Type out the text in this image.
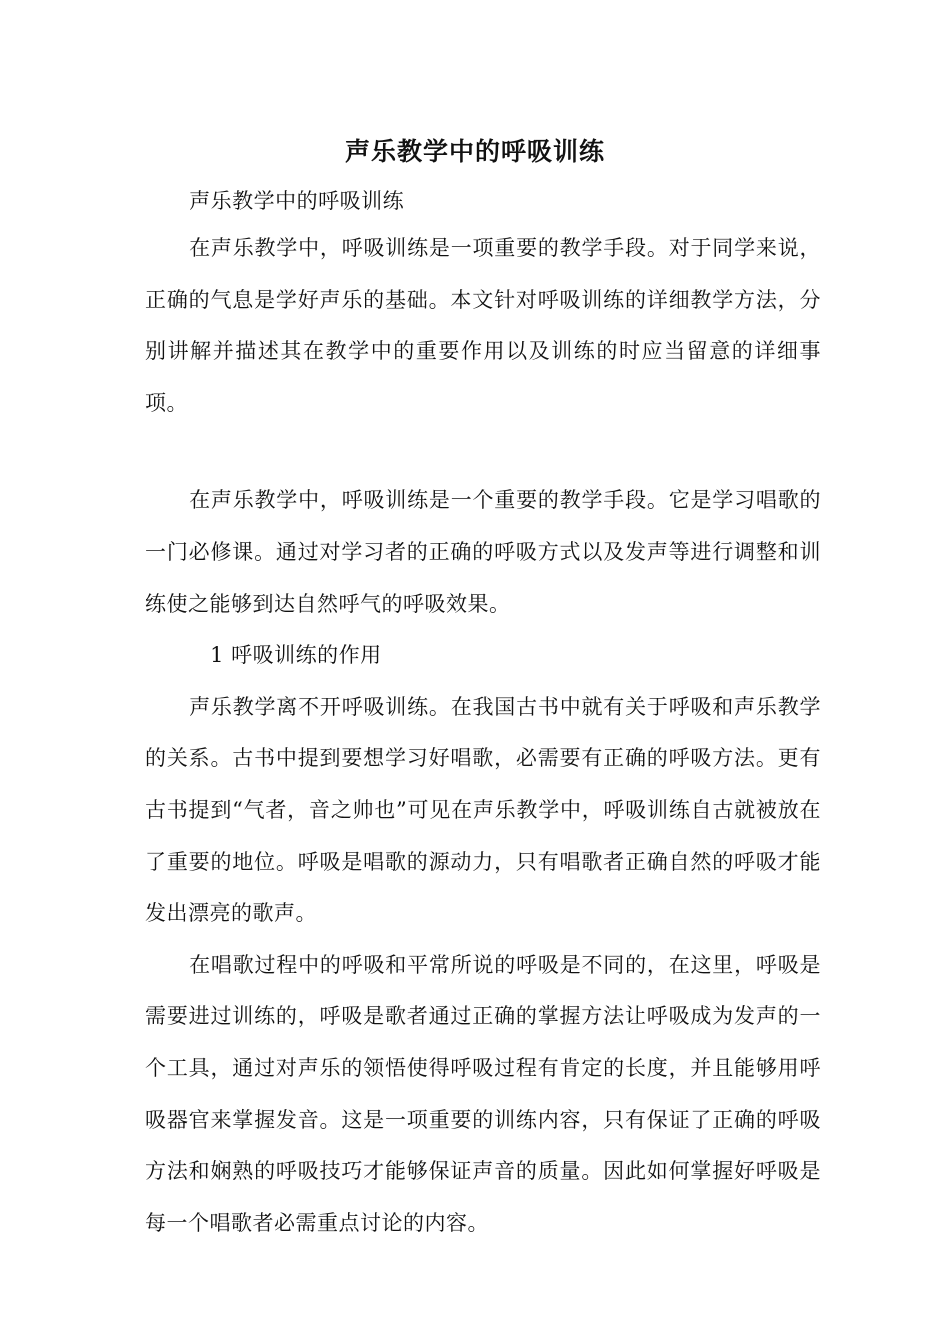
声乐教学中的呼吸训练

声乐教学中的呼吸训练

在声乐教学中，呼吸训练是一项重要的教学手段。对于同学来说，正确的气息是学好声乐的基础。本文针对呼吸训练的详细教学方法，分别讲解并描述其在教学中的重要作用以及训练的时应当留意的详细事项。

在声乐教学中，呼吸训练是一个重要的教学手段。它是学习唱歌的一门必修课。通过对学习者的正确的呼吸方式以及发声等进行调整和训练使之能够到达自然呼气的呼吸效果。

1 呼吸训练的作用

声乐教学离不开呼吸训练。在我国古书中就有关于呼吸和声乐教学的关系。古书中提到要想学习好唱歌，必需要有正确的呼吸方法。更有古书提到“气者，音之帅也”可见在声乐教学中，呼吸训练自古就被放在了重要的地位。呼吸是唱歌的源动力，只有唱歌者正确自然的呼吸才能发出漂亮的歌声。

在唱歌过程中的呼吸和平常所说的呼吸是不同的，在这里，呼吸是需要进过训练的，呼吸是歌者通过正确的掌握方法让呼吸成为发声的一个工具，通过对声乐的领悟使得呼吸过程有肯定的长度，并且能够用呼吸器官来掌握发音。这是一项重要的训练内容，只有保证了正确的呼吸方法和娴熟的呼吸技巧才能够保证声音的质量。因此如何掌握好呼吸是每一个唱歌者必需重点讨论的内容。
